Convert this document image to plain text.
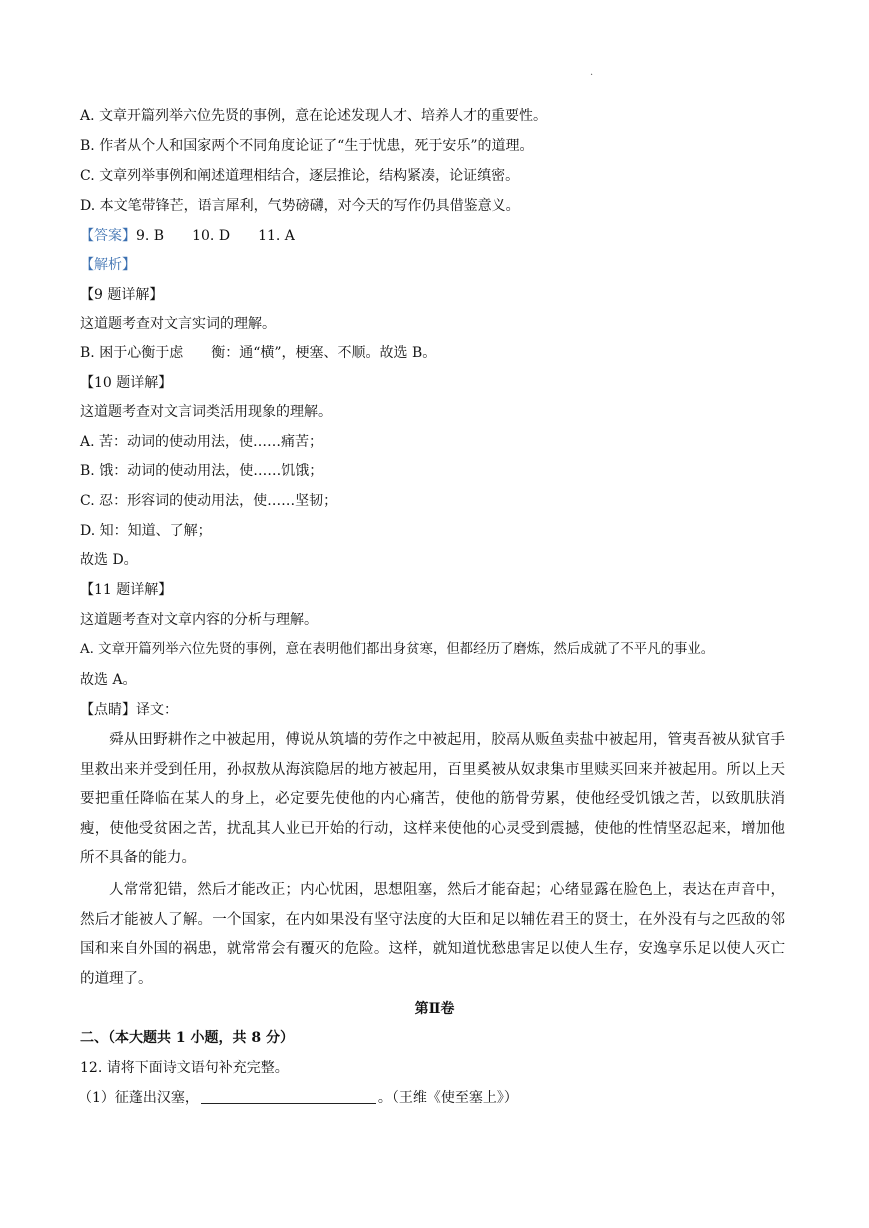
·
A. 文章开篇列举六位先贤的事例，意在论述发现人才、培养人才的重要性。
B. 作者从个人和国家两个不同角度论证了“生于忧患，死于安乐”的道理。
C. 文章列举事例和阐述道理相结合，逐层推论，结构紧凑，论证缜密。
D. 本文笔带锋芒，语言犀利，气势磅礴，对今天的写作仍具借鉴意义。
【答案】9. B 10. D 11. A
【解析】
【9 题详解】
这道题考查对文言实词的理解。
B. 困于心衡于虑 衡：通“横”，梗塞、不顺。故选 B。
【10 题详解】
这道题考查对文言词类活用现象的理解。
A. 苦：动词的使动用法，使……痛苦；
B. 饿：动词的使动用法，使……饥饿；
C. 忍：形容词的使动用法，使……坚韧；
D. 知：知道、了解；
故选 D。
【11 题详解】
这道题考查对文章内容的分析与理解。
A. 文章开篇列举六位先贤的事例，意在表明他们都出身贫寒，但都经历了磨炼，然后成就了不平凡的事业。
故选 A。
【点睛】译文：

舜从田野耕作之中被起用，傅说从筑墙的劳作之中被起用，胶鬲从贩鱼卖盐中被起用，管夷吾被从狱官手里救出来并受到任用，孙叔敖从海滨隐居的地方被起用，百里奚被从奴隶集市里赎买回来并被起用。所以上天要把重任降临在某人的身上，必定要先使他的内心痛苦，使他的筋骨劳累，使他经受饥饿之苦，以致肌肤消瘦，使他受贫困之苦，扰乱其人业已开始的行动，这样来使他的心灵受到震撼，使他的性情坚忍起来，增加他所不具备的能力。

人常常犯错，然后才能改正；内心忧困，思想阻塞，然后才能奋起；心绪显露在脸色上，表达在声音中，然后才能被人了解。一个国家，在内如果没有坚守法度的大臣和足以辅佐君王的贤士，在外没有与之匹敌的邻国和来自外国的祸患，就常常会有覆灭的危险。这样，就知道忧愁患害足以使人生存，安逸享乐足以使人灭亡的道理了。

第Ⅱ卷
二、（本大题共 1 小题，共 8 分）
12. 请将下面诗文语句补充完整。
（1）征蓬出汉塞，	。（王维《使至塞上》）
